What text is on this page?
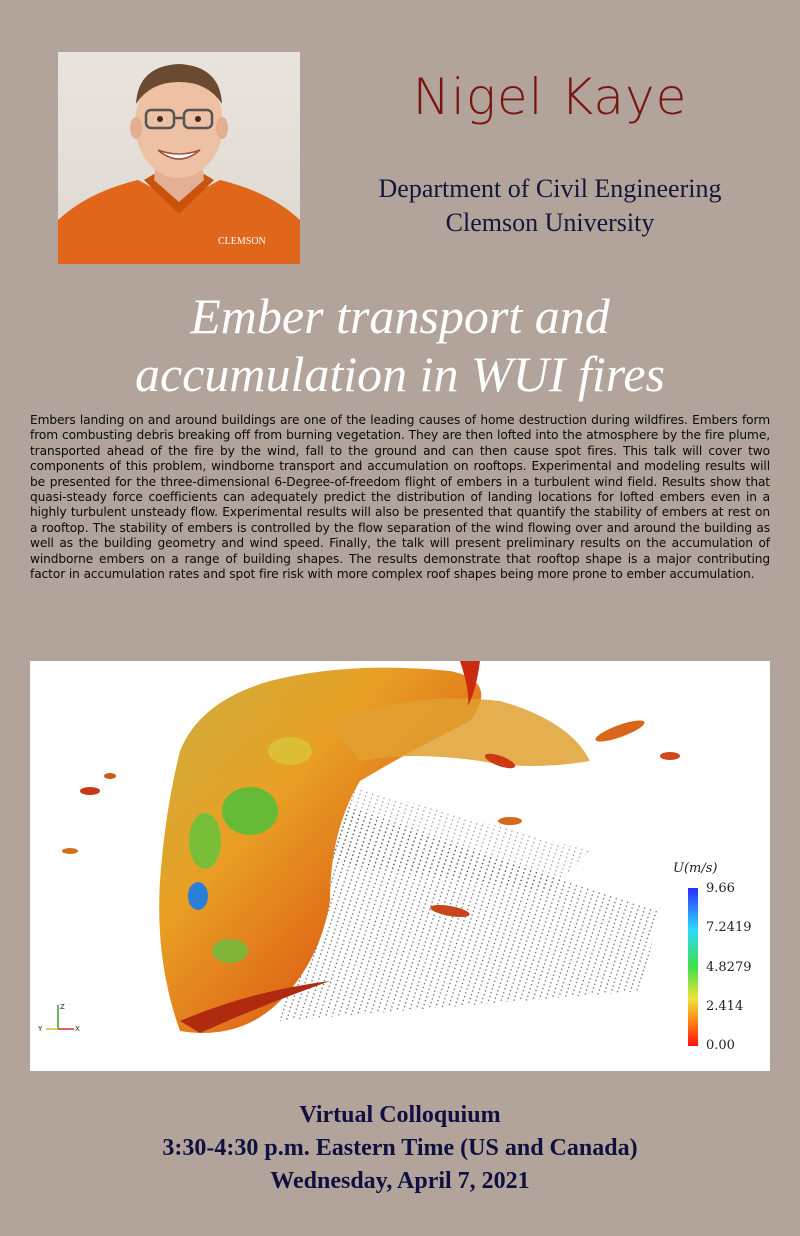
CLEMSON
Nigel Kaye
Department of Civil Engineering
Clemson University
Ember transport and
accumulation in WUI fires
Embers landing on and around buildings are one of the leading causes of home destruction during wildfires. Embers form from combusting debris breaking off from burning vegetation. They are then lofted into the atmosphere by the fire plume, transported ahead of the fire by the wind, fall to the ground and can then cause spot fires. This talk will cover two components of this problem, windborne transport and accumulation on rooftops. Experimental and modeling results will be presented for the three-dimensional 6-Degree-of-freedom flight of embers in a turbulent wind field. Results show that quasi-steady force coefficients can adequately predict the distribution of landing locations for lofted embers even in a highly turbulent unsteady flow. Experimental results will also be presented that quantify the stability of embers at rest on a rooftop. The stability of embers is controlled by the flow separation of the wind flowing over and around the building as well as the building geometry and wind speed. Finally, the talk will present preliminary results on the accumulation of windborne embers on a range of building shapes. The results demonstrate that rooftop shape is a major contributing factor in accumulation rates and spot fire risk with more complex roof shapes being more prone to ember accumulation.
U(m/s)
9.66
7.2419
4.8279
2.414
0.00
Z
Y	X
Virtual Colloquium
3:30-4:30 p.m. Eastern Time (US and Canada)
Wednesday, April 7, 2021
